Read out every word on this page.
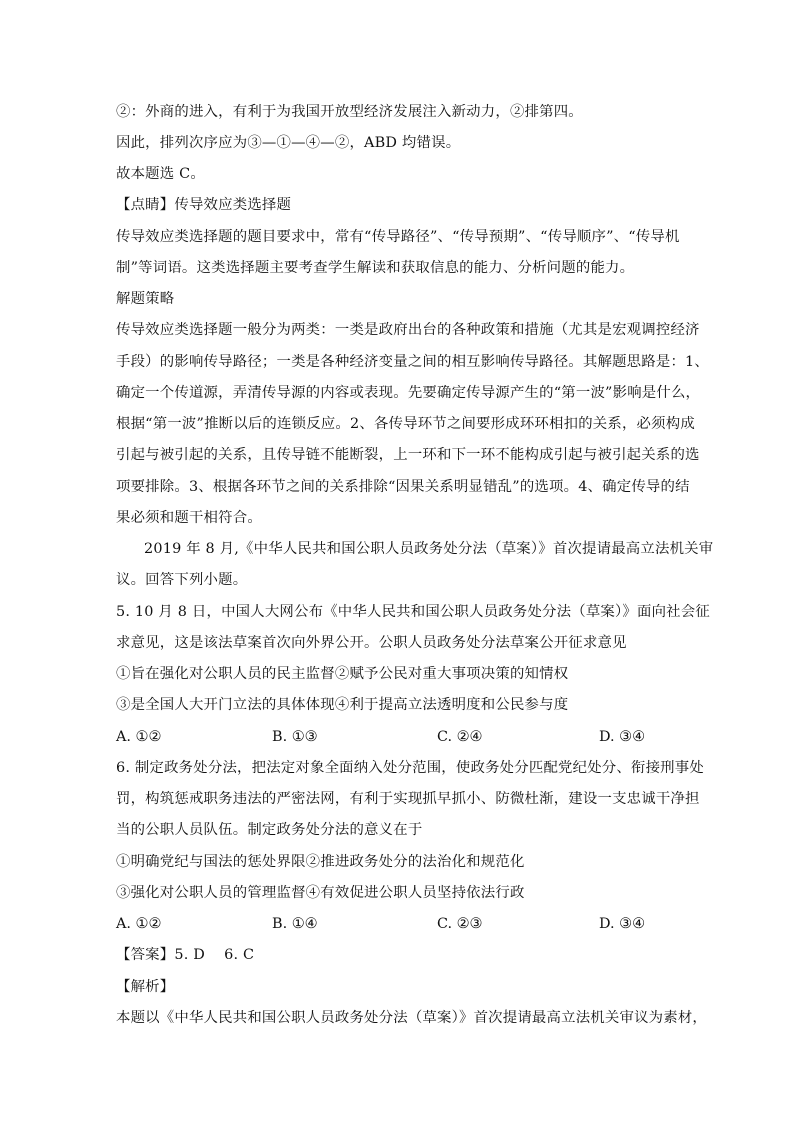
②：外商的进入，有利于为我国开放型经济发展注入新动力，②排第四。
因此，排列次序应为③—①—④—②，ABD 均错误。
故本题选 C。
【点睛】传导效应类选择题
传导效应类选择题的题目要求中，常有“传导路径”、“传导预期”、“传导顺序”、“传导机
制”等词语。这类选择题主要考查学生解读和获取信息的能力、分析问题的能力。
解题策略
传导效应类选择题一般分为两类：一类是政府出台的各种政策和措施（尤其是宏观调控经济
手段）的影响传导路径；一类是各种经济变量之间的相互影响传导路径。其解题思路是：1、
确定一个传道源，弄清传导源的内容或表现。先要确定传导源产生的“第一波”影响是什么，
根据“第一波”推断以后的连锁反应。2、各传导环节之间要形成环环相扣的关系，必须构成
引起与被引起的关系，且传导链不能断裂，上一环和下一环不能构成引起与被引起关系的选
项要排除。3、根据各环节之间的关系排除“因果关系明显错乱”的选项。4、确定传导的结
果必须和题干相符合。
2019 年 8 月,《中华人民共和国公职人员政务处分法（草案）》首次提请最高立法机关审
议。回答下列小题。
5. 10 月 8 日，中国人大网公布《中华人民共和国公职人员政务处分法（草案）》面向社会征
求意见，这是该法草案首次向外界公开。公职人员政务处分法草案公开征求意见
①旨在强化对公职人员的民主监督②赋予公民对重大事项决策的知情权
③是全国人大开门立法的具体体现④利于提高立法透明度和公民参与度
A. ①②	B. ①③	C. ②④	D. ③④
6. 制定政务处分法，把法定对象全面纳入处分范围，使政务处分匹配党纪处分、衔接刑事处
罚，构筑惩戒职务违法的严密法网，有利于实现抓早抓小、防微杜渐，建设一支忠诚干净担
当的公职人员队伍。制定政务处分法的意义在于
①明确党纪与国法的惩处界限②推进政务处分的法治化和规范化
③强化对公职人员的管理监督④有效促进公职人员坚持依法行政
A. ①②	B. ①④	C. ②③	D. ③④
【答案】5. D    6. C
【解析】
本题以《中华人民共和国公职人员政务处分法（草案）》首次提请最高立法机关审议为素材，
